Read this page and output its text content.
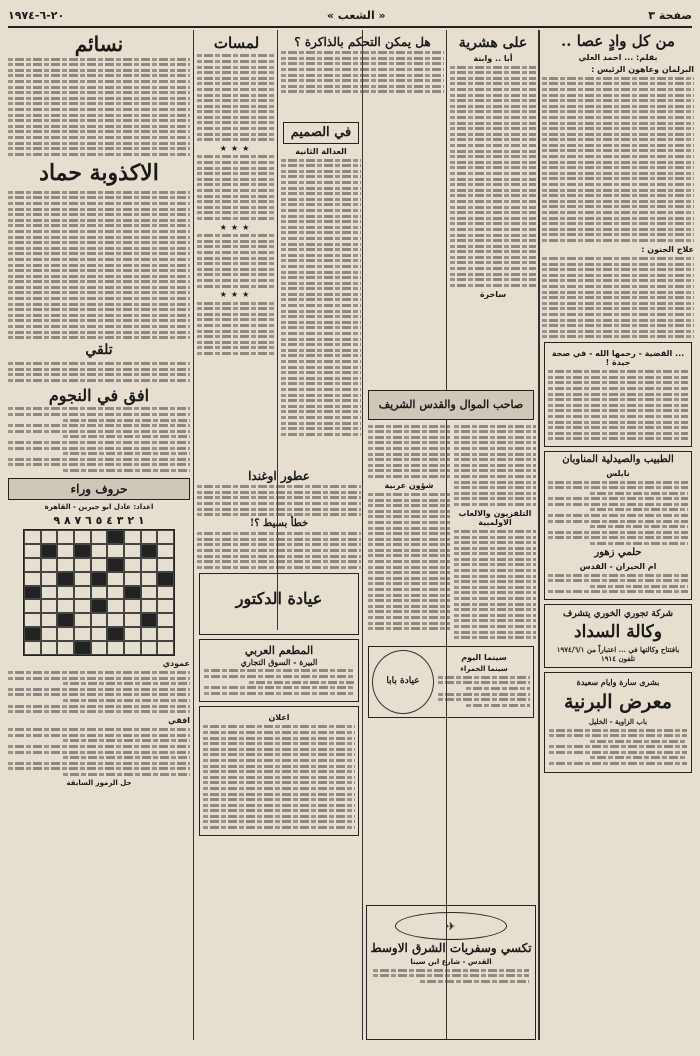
صفحة ٣
« الشعب »
٢٠-٦-١٩٧٤
من كل وادٍ عصا ..
بقلم: ... احمد العلي
البرلمان وعاهون الرئيس :
علاج الجنون :
... القضية - رحمها الله - في صحة جيدة !
الطبيب والصيدلية المناوبان
نابلس
حلمي زهور
ام الحيران - القدس
شركة تجوري الخوري يتشرف
وكالة السداد
بافتتاح وكالتها في ... اعتباراً من ١٩٧٤/٦/١
تلفون ١٩١٤
بشرى سارة وايام سعيدة
معرض البرنية
باب الزاوية - الخليل
على هشرية
أبا .. وابنة
ساخرة
صاحب الموال والقدس الشريف
التلفزيون والالعاب الاولمبية
شؤون عربية
سينما اليوم
سينما الحمراء
عيادة بابا
هل يمكن التحكم بالذاكرة ؟
في الصميم
العدالة الثانية
لمسات
★★★
★★★
★★★
عطور اوغندا
خطأ بسيط ؟!
عيادة الدكتور
المطعم العربي
البيرة - السوق التجاري
اعلان
✈
تكسي وسفريات الشرق الاوسط
القدس - شارع ابن سينا
نسائم
الاكذوبة حماد
تلقي
افق في النجوم
حروف وراء
اعداد: عادل ابو جبرين - القاهرة
١ ٢ ٣ ٤ ٥ ٦ ٧ ٨ ٩
عمودي
افقي
حل الرموز السابقة
